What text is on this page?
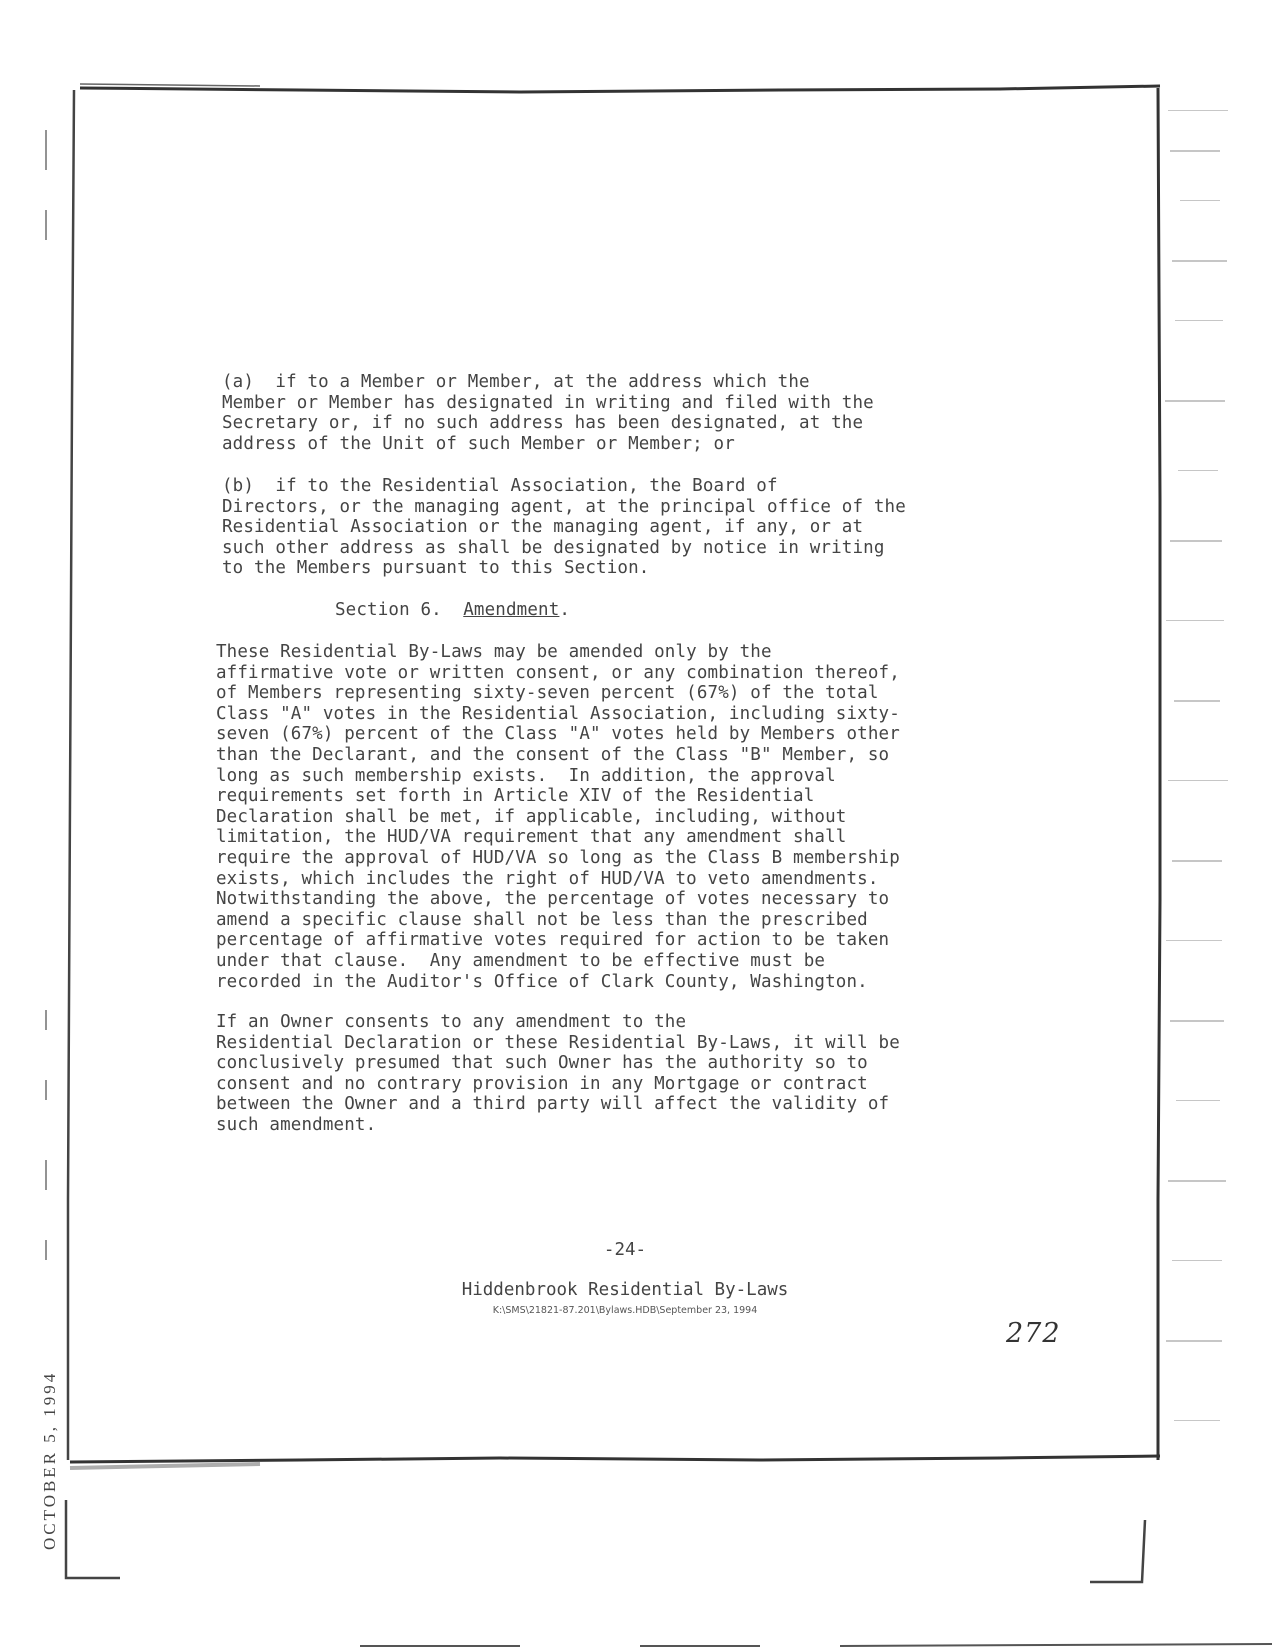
(a)  if to a Member or Member, at the address which the
Member or Member has designated in writing and filed with the
Secretary or, if no such address has been designated, at the
address of the Unit of such Member or Member; or
(b)  if to the Residential Association, the Board of
Directors, or the managing agent, at the principal office of the
Residential Association or the managing agent, if any, or at
such other address as shall be designated by notice in writing
to the Members pursuant to this Section.
Section 6. Amendment.
These Residential By-Laws may be amended only by the
affirmative vote or written consent, or any combination thereof,
of Members representing sixty-seven percent (67%) of the total
Class "A" votes in the Residential Association, including sixty-
seven (67%) percent of the Class "A" votes held by Members other
than the Declarant, and the consent of the Class "B" Member, so
long as such membership exists.  In addition, the approval
requirements set forth in Article XIV of the Residential
Declaration shall be met, if applicable, including, without
limitation, the HUD/VA requirement that any amendment shall
require the approval of HUD/VA so long as the Class B membership
exists, which includes the right of HUD/VA to veto amendments.
Notwithstanding the above, the percentage of votes necessary to
amend a specific clause shall not be less than the prescribed
percentage of affirmative votes required for action to be taken
under that clause.  Any amendment to be effective must be
recorded in the Auditor's Office of Clark County, Washington.
If an Owner consents to any amendment to the
Residential Declaration or these Residential By-Laws, it will be
conclusively presumed that such Owner has the authority so to
consent and no contrary provision in any Mortgage or contract
between the Owner and a third party will affect the validity of
such amendment.
-24-
Hiddenbrook Residential By-Laws
K:\SMS\21821-87.201\Bylaws.HDB\September 23, 1994
272
OCTOBER 5, 1994
